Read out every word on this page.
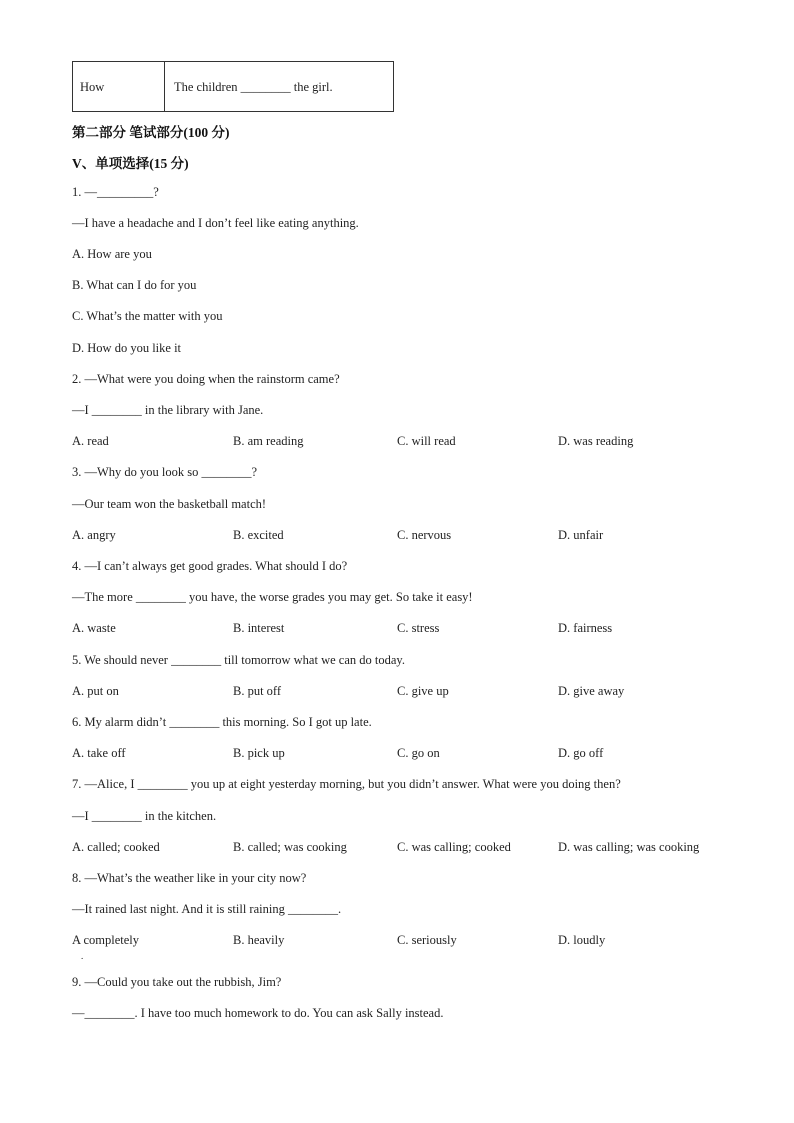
How	The children ________ the girl.
第二部分 笔试部分(100 分)
V、单项选择(15 分)
1. —_________?
—I have a headache and I don’t feel like eating anything.
A. How are you
B. What can I do for you
C. What’s the matter with you
D. How do you like it
2. —What were you doing when the rainstorm came?
—I ________ in the library with Jane.
A. read	B. am reading	C. will read	D. was reading
3. —Why do you look so ________?
—Our team won the basketball match!
A. angry	B. excited	C. nervous	D. unfair
4. —I can’t always get good grades. What should I do?
—The more ________ you have, the worse grades you may get. So take it easy!
A. waste	B. interest	C. stress	D. fairness
5. We should never ________ till tomorrow what we can do today.
A. put on	B. put off	C. give up	D. give away
6. My alarm didn’t ________ this morning. So I got up late.
A. take off	B. pick up	C. go on	D. go off
7. —Alice, I ________ you up at eight yesterday morning, but you didn’t answer. What were you doing then?
—I ________ in the kitchen.
A. called; cooked	B. called; was cooking	C. was calling; cooked	D. was calling; was cooking
8. —What’s the weather like in your city now?
—It rained last night. And it is still raining ________.
A completely	B. heavily	C. seriously	D. loudly
.
9. —Could you take out the rubbish, Jim?
—________. I have too much homework to do. You can ask Sally instead.
